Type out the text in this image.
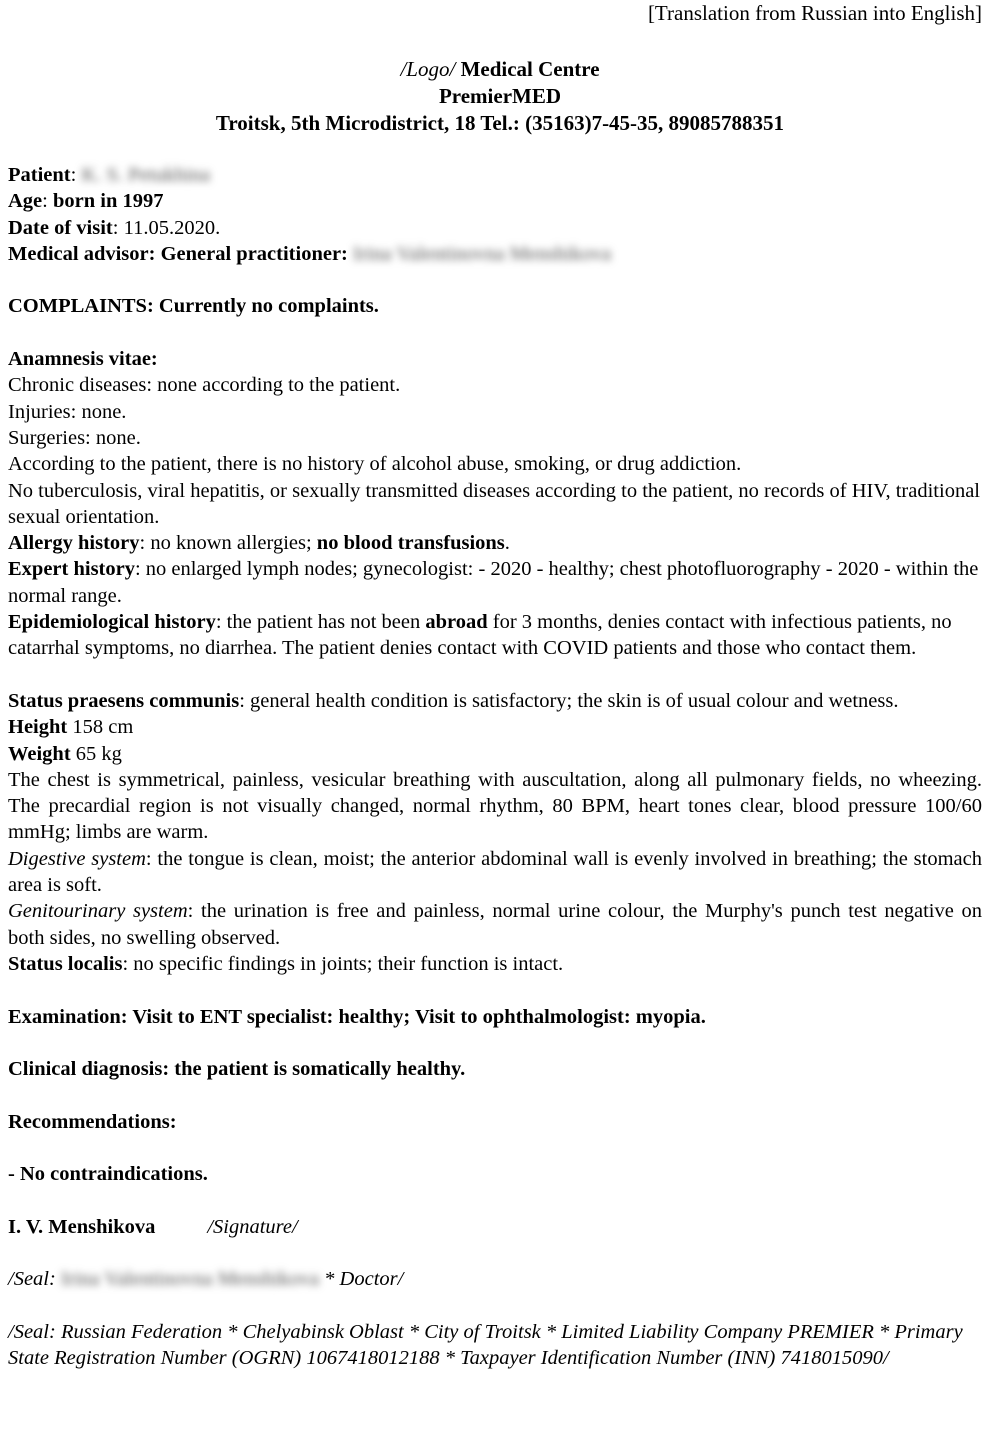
[Translation from Russian into English]
/Logo/ Medical Centre
PremierMED
Troitsk, 5th Microdistrict, 18 Tel.: (35163)7-45-35, 89085788351

Patient: K. S. Petukhina

Age: born in 1997

Date of visit: 11.05.2020.

Medical advisor: General practitioner: Irina Valentinovna Menshikova

COMPLAINTS: Currently no complaints.

Anamnesis vitae:

Chronic diseases: none according to the patient.

Injuries: none.

Surgeries: none.

According to the patient, there is no history of alcohol abuse, smoking, or drug addiction.

No tuberculosis, viral hepatitis, or sexually transmitted diseases according to the patient, no records of HIV, traditional sexual orientation.

Allergy history: no known allergies; no blood transfusions.

Expert history: no enlarged lymph nodes; gynecologist: - 2020 - healthy; chest photofluorography - 2020 - within the normal range.

Epidemiological history: the patient has not been abroad for 3 months, denies contact with infectious patients, no catarrhal symptoms, no diarrhea. The patient denies contact with COVID patients and those who contact them.

Status praesens communis: general health condition is satisfactory; the skin is of usual colour and wetness.

Height 158 cm

Weight 65 kg

The chest is symmetrical, painless, vesicular breathing with auscultation, along all pulmonary fields, no wheezing. The precardial region is not visually changed, normal rhythm, 80 BPM, heart tones clear, blood pressure 100/60 mmHg; limbs are warm.

Digestive system: the tongue is clean, moist; the anterior abdominal wall is evenly involved in breathing; the stomach area is soft.

Genitourinary system: the urination is free and painless, normal urine colour, the Murphy's punch test negative on both sides, no swelling observed.

Status localis: no specific findings in joints; their function is intact.

Examination: Visit to ENT specialist: healthy; Visit to ophthalmologist: myopia.

Clinical diagnosis: the patient is somatically healthy.

Recommendations:

- No contraindications.

I. V. Menshikova	/Signature/

/Seal: Irina Valentinovna Menshikova * Doctor/

/Seal: Russian Federation * Chelyabinsk Oblast * City of Troitsk * Limited Liability Company PREMIER * Primary State Registration Number (OGRN) 1067418012188 * Taxpayer Identification Number (INN) 7418015090/
